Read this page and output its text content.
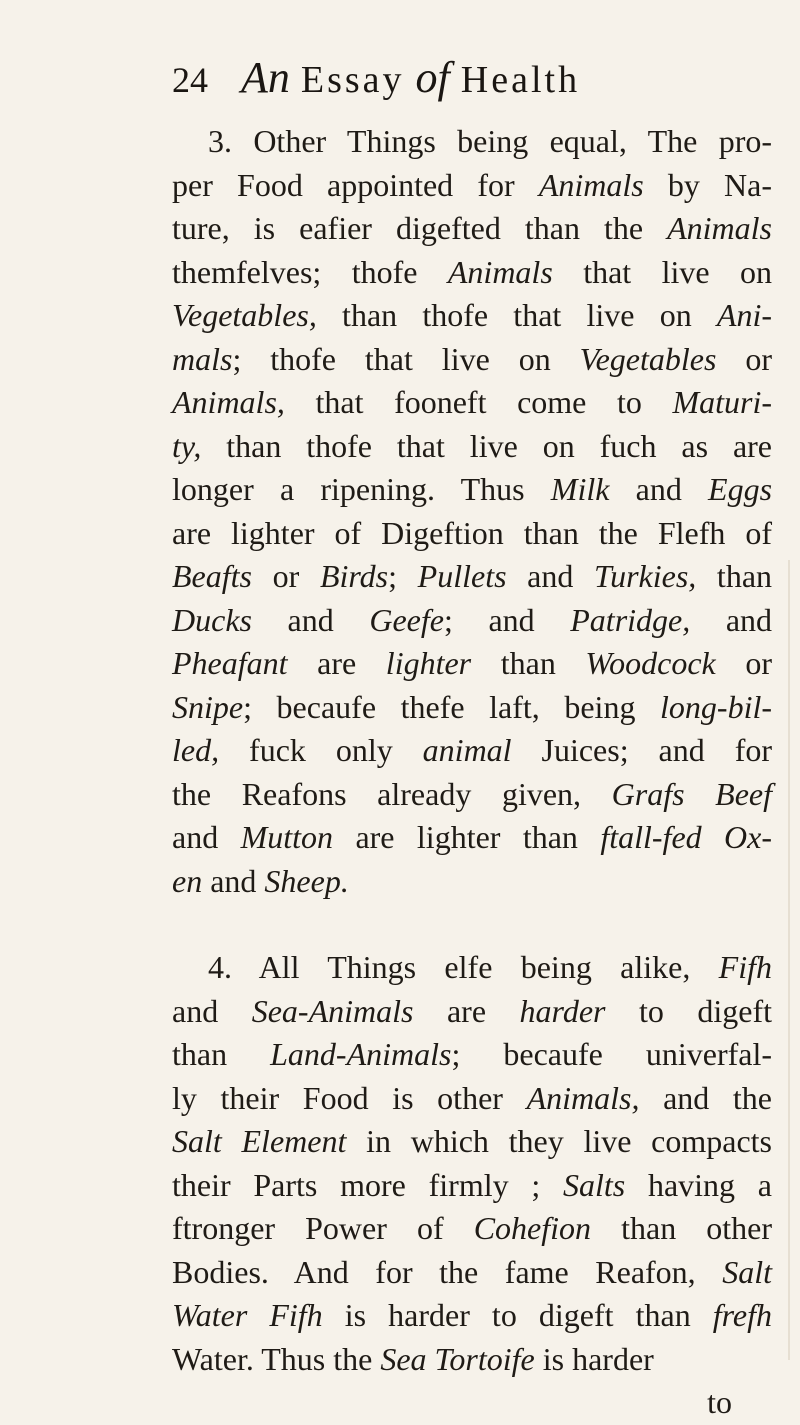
24 An Essay of Health
3. Other Things being equal, The pro-
per Food appointed for Animals by Na-
ture, is eafier digefted than the Animals
themfelves; thofe Animals that live on
Vegetables, than thofe that live on Ani-
mals; thofe that live on Vegetables or
Animals, that fooneft come to Maturi-
ty, than thofe that live on fuch as are
longer a ripening. Thus Milk and Eggs
are lighter of Digeftion than the Flefh of
Beafts or Birds; Pullets and Turkies, than
Ducks and Geefe; and Patridge, and
Pheafant are lighter than Woodcock or
Snipe; becaufe thefe laft, being long-bil-
led, fuck only animal Juices; and for
the Reafons already given, Grafs Beef
and Mutton are lighter than ftall-fed Ox-
en and Sheep.
4. All Things elfe being alike, Fifh
and Sea-Animals are harder to digeft
than Land-Animals; becaufe univerfal-
ly their Food is other Animals, and the
Salt Element in which they live compacts
their Parts more firmly ; Salts having a
ftronger Power of Cohefion than other
Bodies. And for the fame Reafon, Salt
Water Fifh is harder to digeft than frefh
Water. Thus the Sea Tortoife is harder
to
